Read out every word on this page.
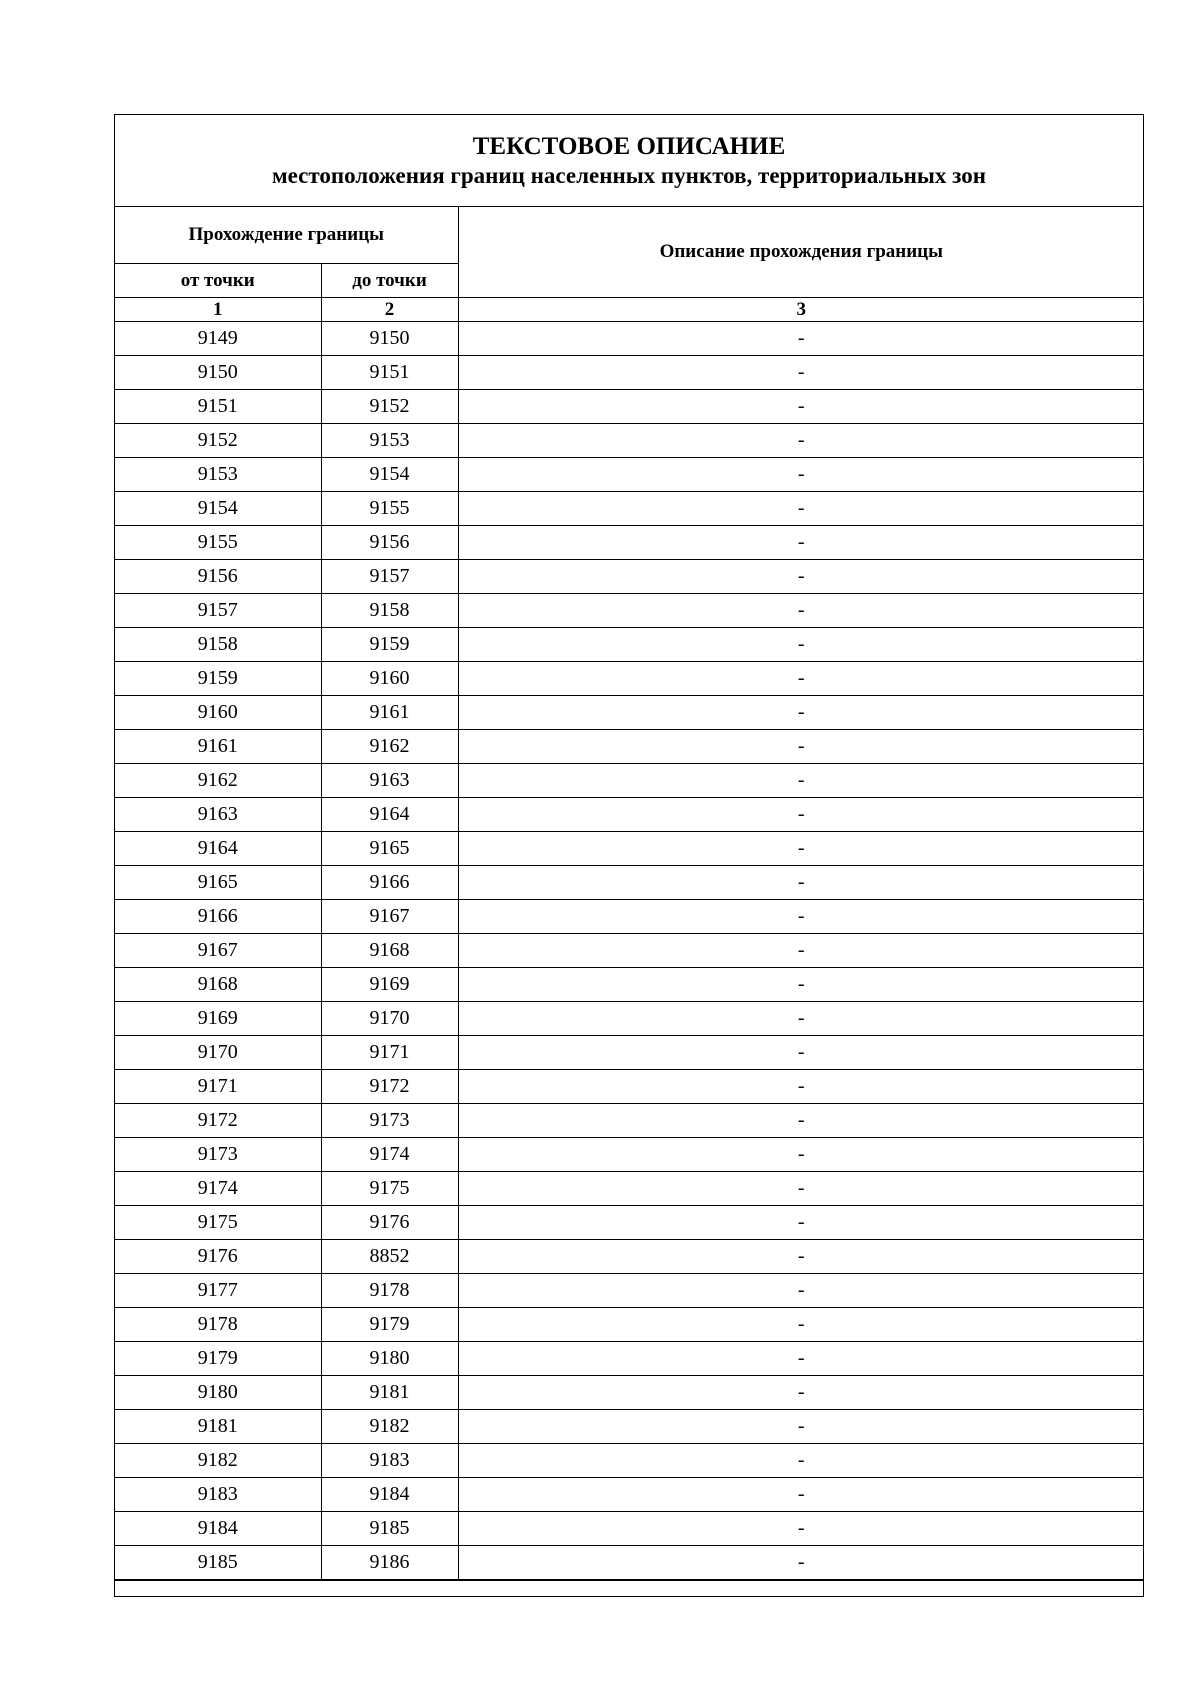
ТЕКСТОВОЕ ОПИСАНИЕ
местоположения границ населенных пунктов, территориальных зон
Прохождение границы		Описание прохождения границы
от точки	до точки	
1	2	3
9149	9150	-
9150	9151	-
9151	9152	-
9152	9153	-
9153	9154	-
9154	9155	-
9155	9156	-
9156	9157	-
9157	9158	-
9158	9159	-
9159	9160	-
9160	9161	-
9161	9162	-
9162	9163	-
9163	9164	-
9164	9165	-
9165	9166	-
9166	9167	-
9167	9168	-
9168	9169	-
9169	9170	-
9170	9171	-
9171	9172	-
9172	9173	-
9173	9174	-
9174	9175	-
9175	9176	-
9176	8852	-
9177	9178	-
9178	9179	-
9179	9180	-
9180	9181	-
9181	9182	-
9182	9183	-
9183	9184	-
9184	9185	-
9185	9186	-
